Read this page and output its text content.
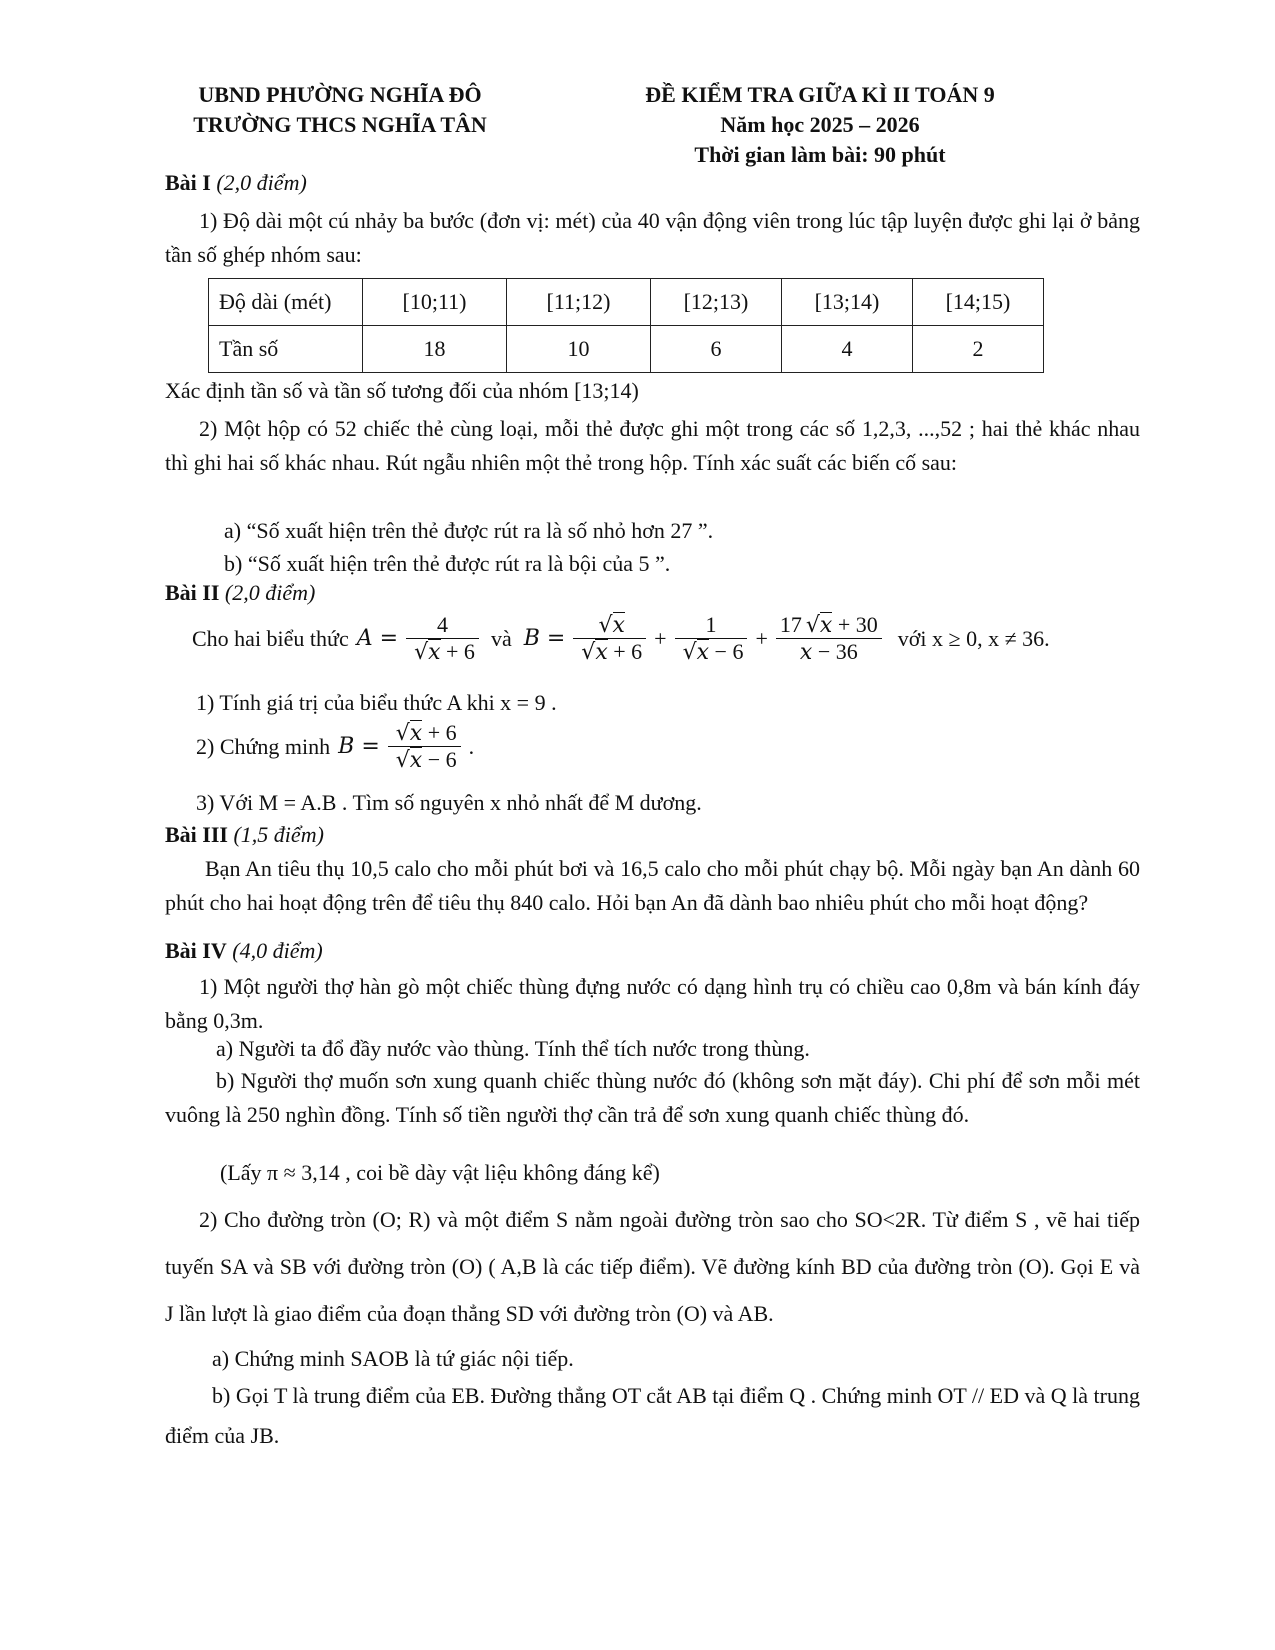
UBND PHƯỜNG NGHĨA ĐÔ
TRƯỜNG THCS NGHĨA TÂN
ĐỀ KIỂM TRA GIỮA KÌ II TOÁN 9
Năm học 2025 – 2026
Thời gian làm bài: 90 phút
Bài I (2,0 điểm)
1) Độ dài một cú nhảy ba bước (đơn vị: mét) của 40 vận động viên trong lúc tập luyện được ghi lại ở bảng tần số ghép nhóm sau:
Độ dài (mét)	[10;11)	[11;12)	[12;13)	[13;14)	[14;15)
Tần số	18	10	6	4	2
Xác định tần số và tần số tương đối của nhóm [13;14)
2) Một hộp có 52 chiếc thẻ cùng loại, mỗi thẻ được ghi một trong các số 1,2,3, ...,52 ; hai thẻ khác nhau thì ghi hai số khác nhau. Rút ngẫu nhiên một thẻ trong hộp. Tính xác suất các biến cố sau:
a) “Số xuất hiện trên thẻ được rút ra là số nhỏ hơn 27 ”.
b) “Số xuất hiện trên thẻ được rút ra là bội của 5 ”.
Bài II (2,0 điểm)
Cho hai biểu thức A = 4
√ x + 6 và B = √ x
√ x + 6 + 1
√ $x - 6 + \frac{17 √ x + 30}{x - 36}$ với x ≥ 0, x ≠ 36.
1) Tính giá trị của biểu thức A khi x = 9 .
2) Chứng minh B = √ x + 6
√ x − 6 .
3) Với M = A.B . Tìm số nguyên x nhỏ nhất để M dương.
Bài III (1,5 điểm)
Bạn An tiêu thụ 10,5 calo cho mỗi phút bơi và 16,5 calo cho mỗi phút chạy bộ. Mỗi ngày bạn An dành 60 phút cho hai hoạt động trên để tiêu thụ 840 calo. Hỏi bạn An đã dành bao nhiêu phút cho mỗi hoạt động?
Bài IV (4,0 điểm)
1) Một người thợ hàn gò một chiếc thùng đựng nước có dạng hình trụ có chiều cao 0,8m và bán kính đáy bằng 0,3m.
a) Người ta đổ đầy nước vào thùng. Tính thể tích nước trong thùng.
b) Người thợ muốn sơn xung quanh chiếc thùng nước đó (không sơn mặt đáy). Chi phí để sơn mỗi mét vuông là 250 nghìn đồng. Tính số tiền người thợ cần trả để sơn xung quanh chiếc thùng đó.
(Lấy π ≈ 3,14 , coi bề dày vật liệu không đáng kể)
2) Cho đường tròn (O; R) và một điểm S nằm ngoài đường tròn sao cho SO<2R. Từ điểm S , vẽ hai tiếp tuyến SA và SB với đường tròn (O) ( A,B là các tiếp điểm). Vẽ đường kính BD của đường tròn (O). Gọi E và J lần lượt là giao điểm của đoạn thẳng SD với đường tròn (O) và AB.
a) Chứng minh SAOB là tứ giác nội tiếp.
b) Gọi T là trung điểm của EB. Đường thẳng OT cắt AB tại điểm Q . Chứng minh OT // ED và Q là trung điểm của JB.
